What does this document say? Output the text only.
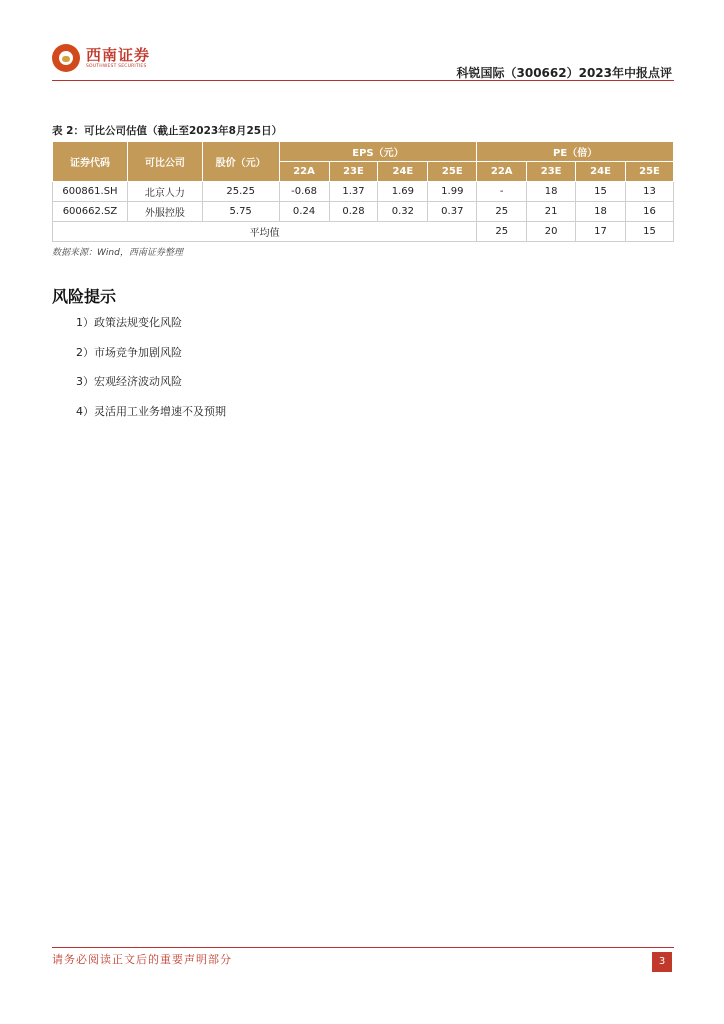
西南证券
SOUTHWEST SECURITIES	科锐国际（300662）2023年中报点评
表 2：可比公司估值（截止至2023年8月25日）
证券代码	可比公司	股价（元）	EPS（元）				PE（倍）			
			22A	23E	24E	25E	22A	23E	24E	25E
600861.SH	北京人力	25.25	-0.68	1.37	1.69	1.99	-	18	15	13
600662.SZ	外服控股	5.75	0.24	0.28	0.32	0.37	25	21	18	16
平均值							25	20	17	15
数据来源：Wind，西南证券整理
风险提示
1）政策法规变化风险
2）市场竞争加剧风险
3）宏观经济波动风险
4）灵活用工业务增速不及预期
请务必阅读正文后的重要声明部分	3
